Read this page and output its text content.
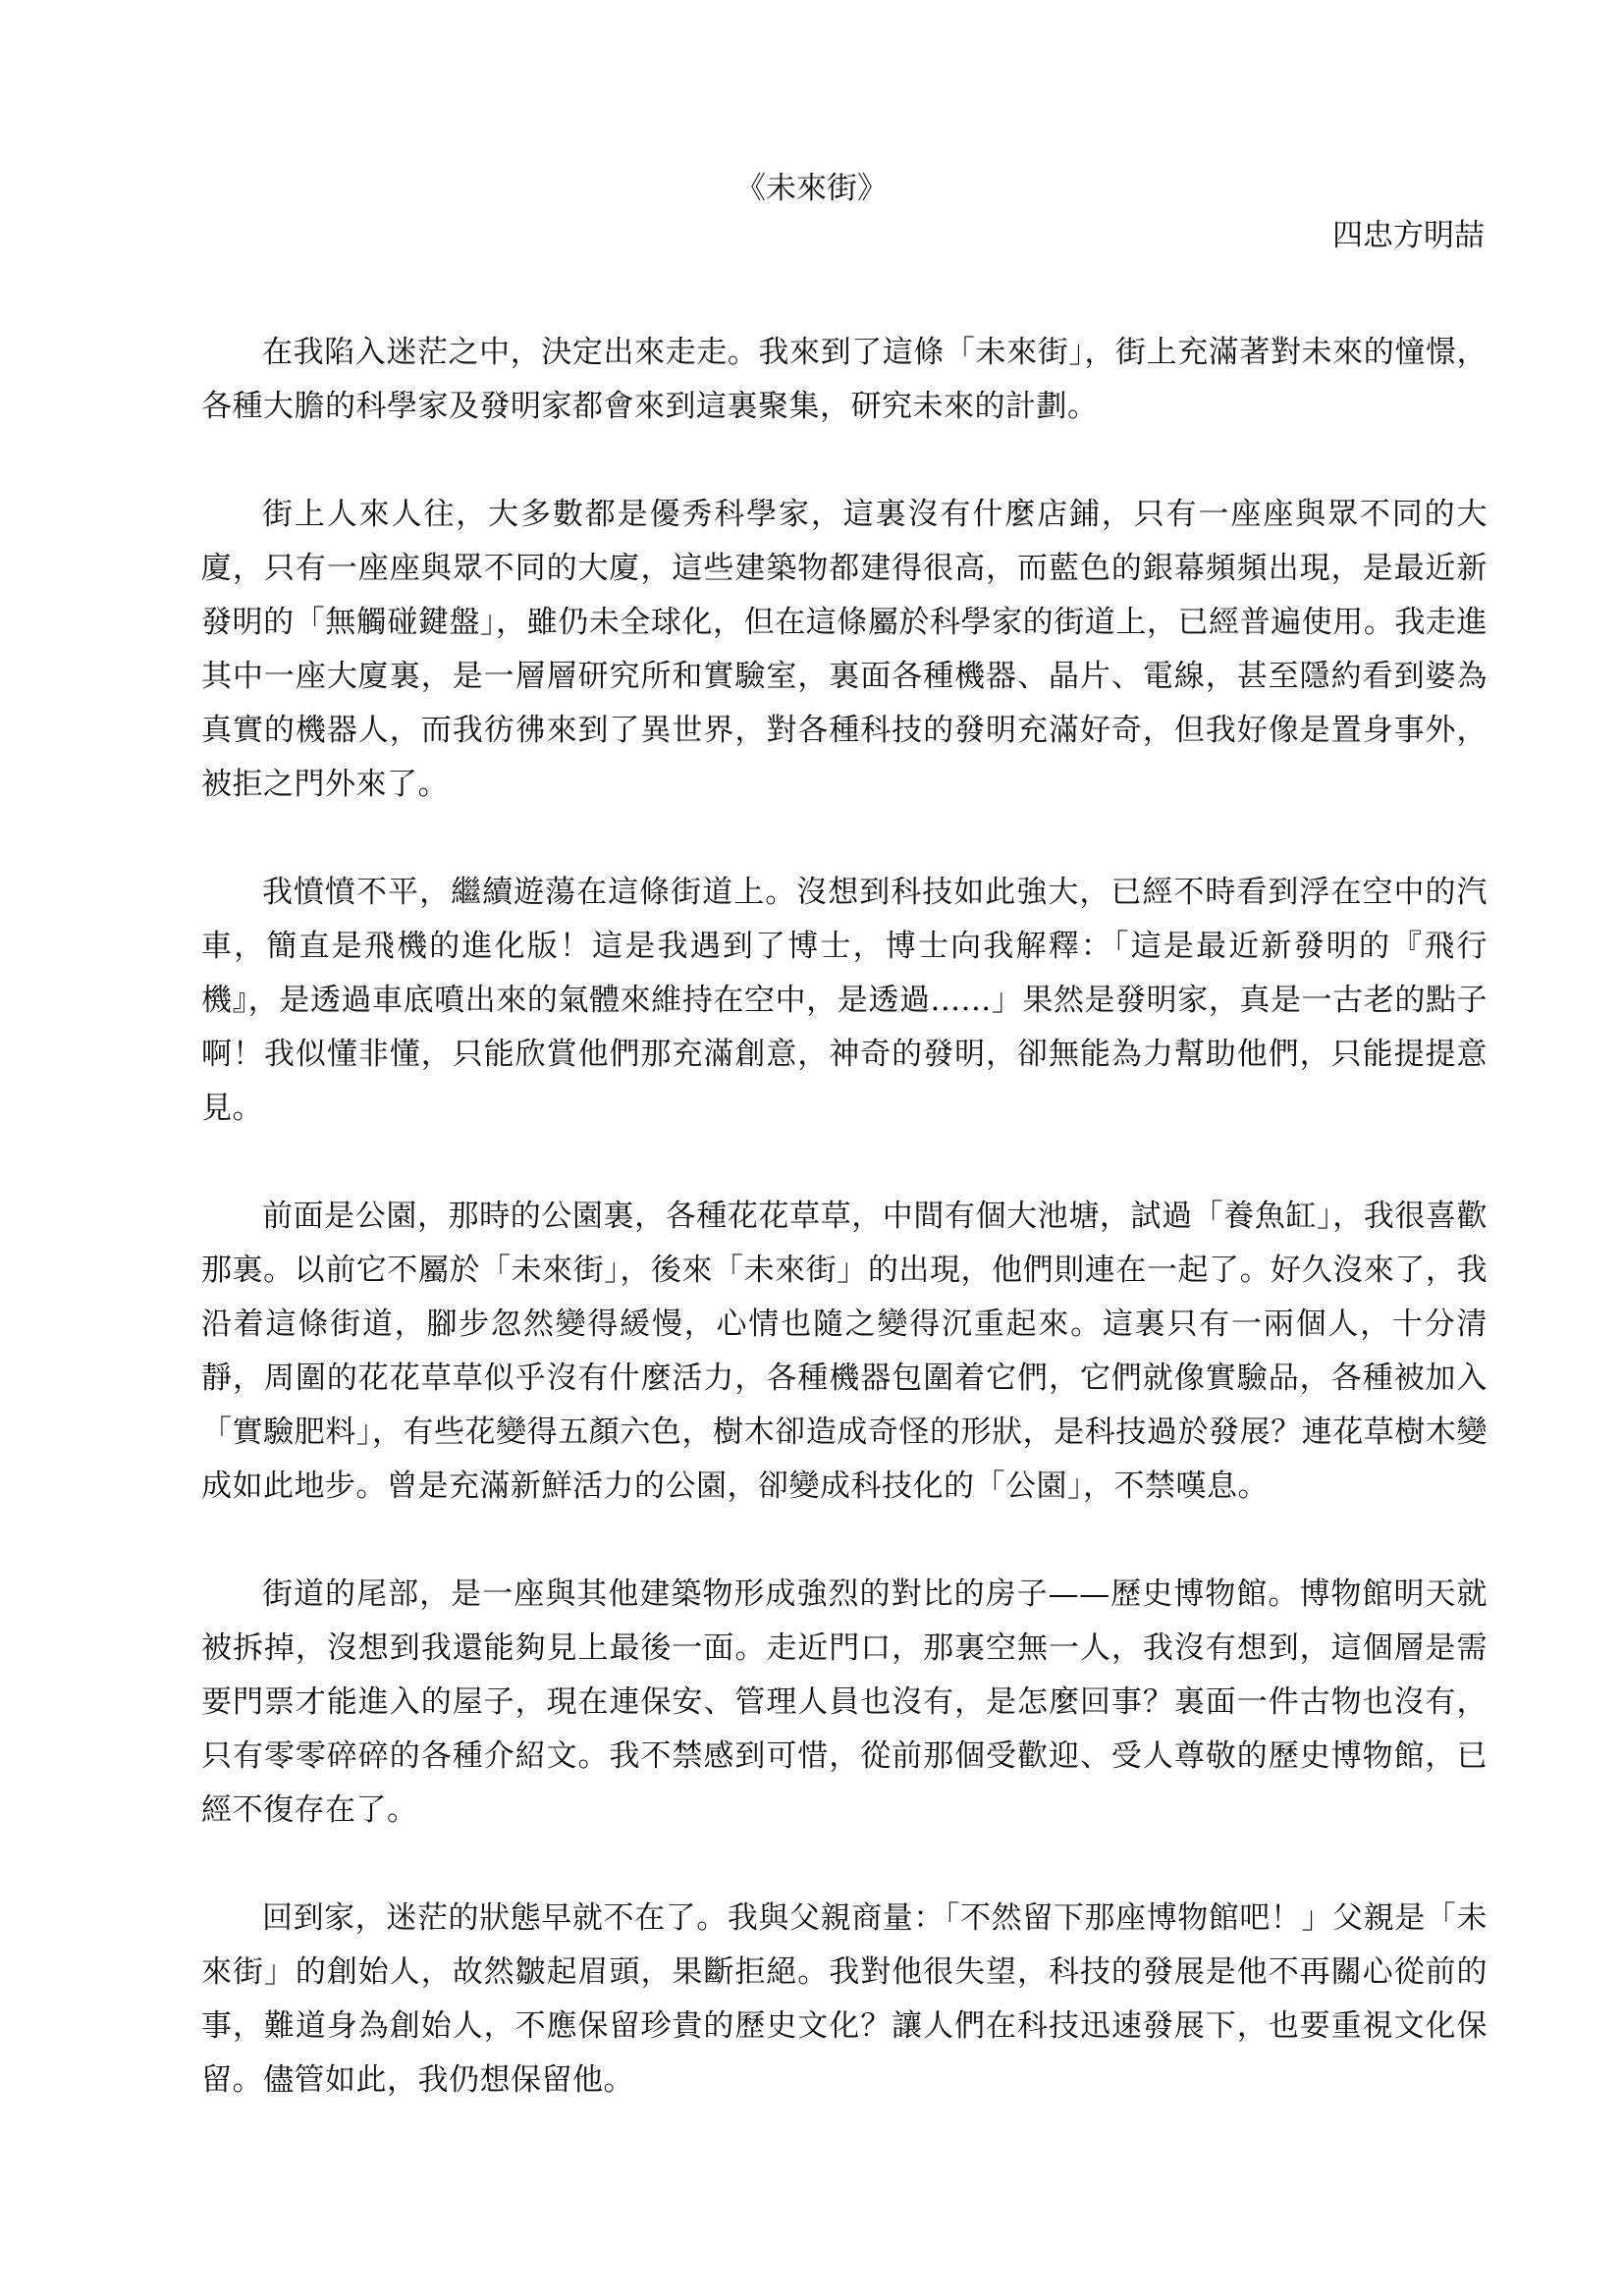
《未來街》

四忠方明喆

在我陷入迷茫之中，決定出來走走。我來到了這條「未來街」，街上充滿著對未來的憧憬，各種大膽的科學家及發明家都會來到這裏聚集，研究未來的計劃。

街上人來人往，大多數都是優秀科學家，這裏沒有什麼店鋪，只有一座座與眾不同的大廈，只有一座座與眾不同的大廈，這些建築物都建得很高，而藍色的銀幕頻頻出現，是最近新發明的「無觸碰鍵盤」，雖仍未全球化，但在這條屬於科學家的街道上，已經普遍使用。我走進其中一座大廈裏，是一層層研究所和實驗室，裏面各種機器、晶片、電線，甚至隱約看到婆為真實的機器人，而我彷彿來到了異世界，對各種科技的發明充滿好奇，但我好像是置身事外，被拒之門外來了。

我憤憤不平，繼續遊蕩在這條街道上。沒想到科技如此強大，已經不時看到浮在空中的汽車，簡直是飛機的進化版！這是我遇到了博士，博士向我解釋：「這是最近新發明的『飛行機』，是透過車底噴出來的氣體來維持在空中，是透過......」果然是發明家，真是一古老的點子啊！我似懂非懂，只能欣賞他們那充滿創意，神奇的發明，卻無能為力幫助他們，只能提提意見。

前面是公園，那時的公園裏，各種花花草草，中間有個大池塘，試過「養魚缸」，我很喜歡那裏。以前它不屬於「未來街」，後來「未來街」的出現，他們則連在一起了。好久沒來了，我沿着這條街道，腳步忽然變得緩慢，心情也隨之變得沉重起來。這裏只有一兩個人，十分清靜，周圍的花花草草似乎沒有什麼活力，各種機器包圍着它們，它們就像實驗品，各種被加入「實驗肥料」，有些花變得五顏六色，樹木卻造成奇怪的形狀，是科技過於發展？連花草樹木變成如此地步。曾是充滿新鮮活力的公園，卻變成科技化的「公園」，不禁嘆息。

街道的尾部，是一座與其他建築物形成強烈的對比的房子——歷史博物館。博物館明天就被拆掉，沒想到我還能夠見上最後一面。走近門口，那裏空無一人，我沒有想到，這個層是需要門票才能進入的屋子，現在連保安、管理人員也沒有，是怎麼回事？裏面一件古物也沒有，只有零零碎碎的各種介紹文。我不禁感到可惜，從前那個受歡迎、受人尊敬的歷史博物館，已經不復存在了。

回到家，迷茫的狀態早就不在了。我與父親商量：「不然留下那座博物館吧！」父親是「未來街」的創始人，故然皺起眉頭，果斷拒絕。我對他很失望，科技的發展是他不再關心從前的事，難道身為創始人，不應保留珍貴的歷史文化？讓人們在科技迅速發展下，也要重視文化保留。儘管如此，我仍想保留他。
